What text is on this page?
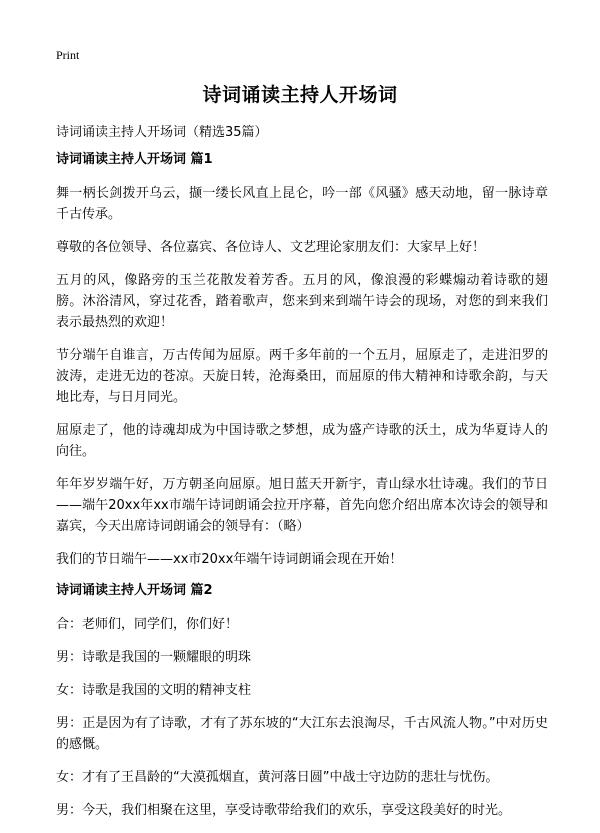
Print
诗词诵读主持人开场词
诗词诵读主持人开场词（精选35篇）
诗词诵读主持人开场词 篇1

舞一柄长剑拨开乌云，撷一缕长风直上昆仑，吟一部《风骚》感天动地，留一脉诗章千古传承。

尊敬的各位领导、各位嘉宾、各位诗人、文艺理论家朋友们：大家早上好！

五月的风，像路旁的玉兰花散发着芳香。五月的风，像浪漫的彩蝶煽动着诗歌的翅膀。沐浴清风，穿过花香，踏着歌声，您来到来到端午诗会的现场，对您的到来我们表示最热烈的欢迎！

节分端午自谁言，万古传闻为屈原。两千多年前的一个五月，屈原走了，走进汨罗的波涛，走进无边的苍凉。天旋日转，沧海桑田，而屈原的伟大精神和诗歌余韵，与天地比寿，与日月同光。

屈原走了，他的诗魂却成为中国诗歌之梦想，成为盛产诗歌的沃土，成为华夏诗人的向往。

年年岁岁端午好，万方朝圣向屈原。旭日蓝天开新宇，青山绿水壮诗魂。我们的节日——端午20xx年xx市端午诗词朗诵会拉开序幕，首先向您介绍出席本次诗会的领导和嘉宾，今天出席诗词朗诵会的领导有：（略）

我们的节日端午——xx市20xx年端午诗词朗诵会现在开始！

诗词诵读主持人开场词 篇2

合：老师们，同学们，你们好！

男：诗歌是我国的一颗耀眼的明珠

女：诗歌是我国的文明的精神支柱

男：正是因为有了诗歌，才有了苏东坡的“大江东去浪淘尽，千古风流人物。”中对历史的感慨。

女：才有了王昌龄的“大漠孤烟直，黄河落日圆”中战士守边防的悲壮与忧伤。

男：今天，我们相聚在这里，享受诗歌带给我们的欢乐，享受这段美好的时光。
